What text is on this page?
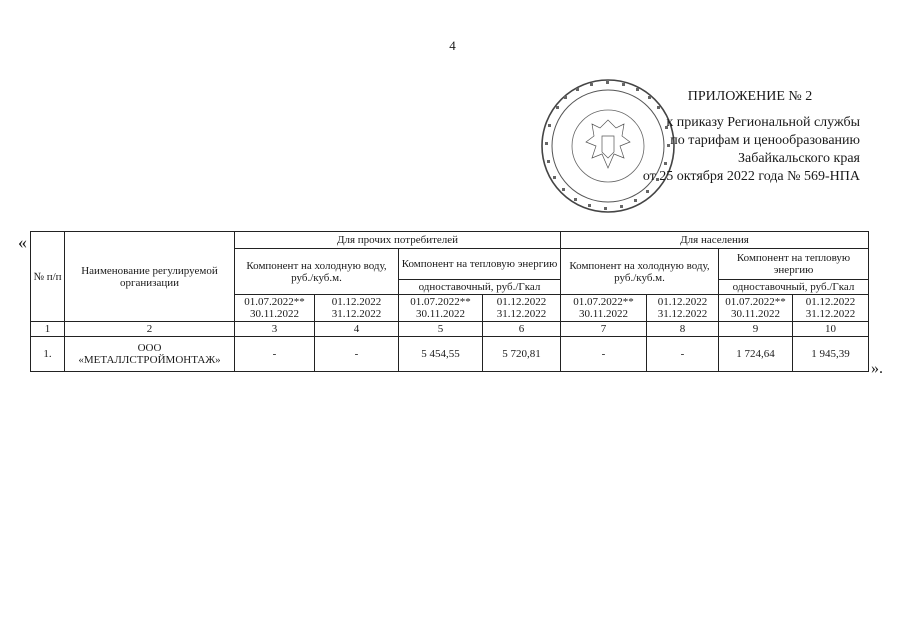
4
ПРИЛОЖЕНИЕ № 2
к приказу Региональной службы
по тарифам и ценообразованию
Забайкальского края
от 25 октября 2022 года № 569-НПА
«
№ п/п	Наименование регулируемой организации	Для прочих потребителей				Для населения			
		Компонент на холодную воду, руб./куб.м.		Компонент на тепловую энергию		Компонент на холодную воду, руб./куб.м.		Компонент на тепловую энергию	
				одноставочный, руб./Гкал				одноставочный, руб./Гкал	
		01.07.2022** 30.11.2022	01.12.2022 31.12.2022	01.07.2022** 30.11.2022	01.12.2022 31.12.2022	01.07.2022** 30.11.2022	01.12.2022 31.12.2022	01.07.2022** 30.11.2022	01.12.2022 31.12.2022
1	2	3	4	5	6	7	8	9	10
1.	ООО «МЕТАЛЛСТРОЙМОНТАЖ»	-	-	5 454,55	5 720,81	-	-	1 724,64	1 945,39
».
